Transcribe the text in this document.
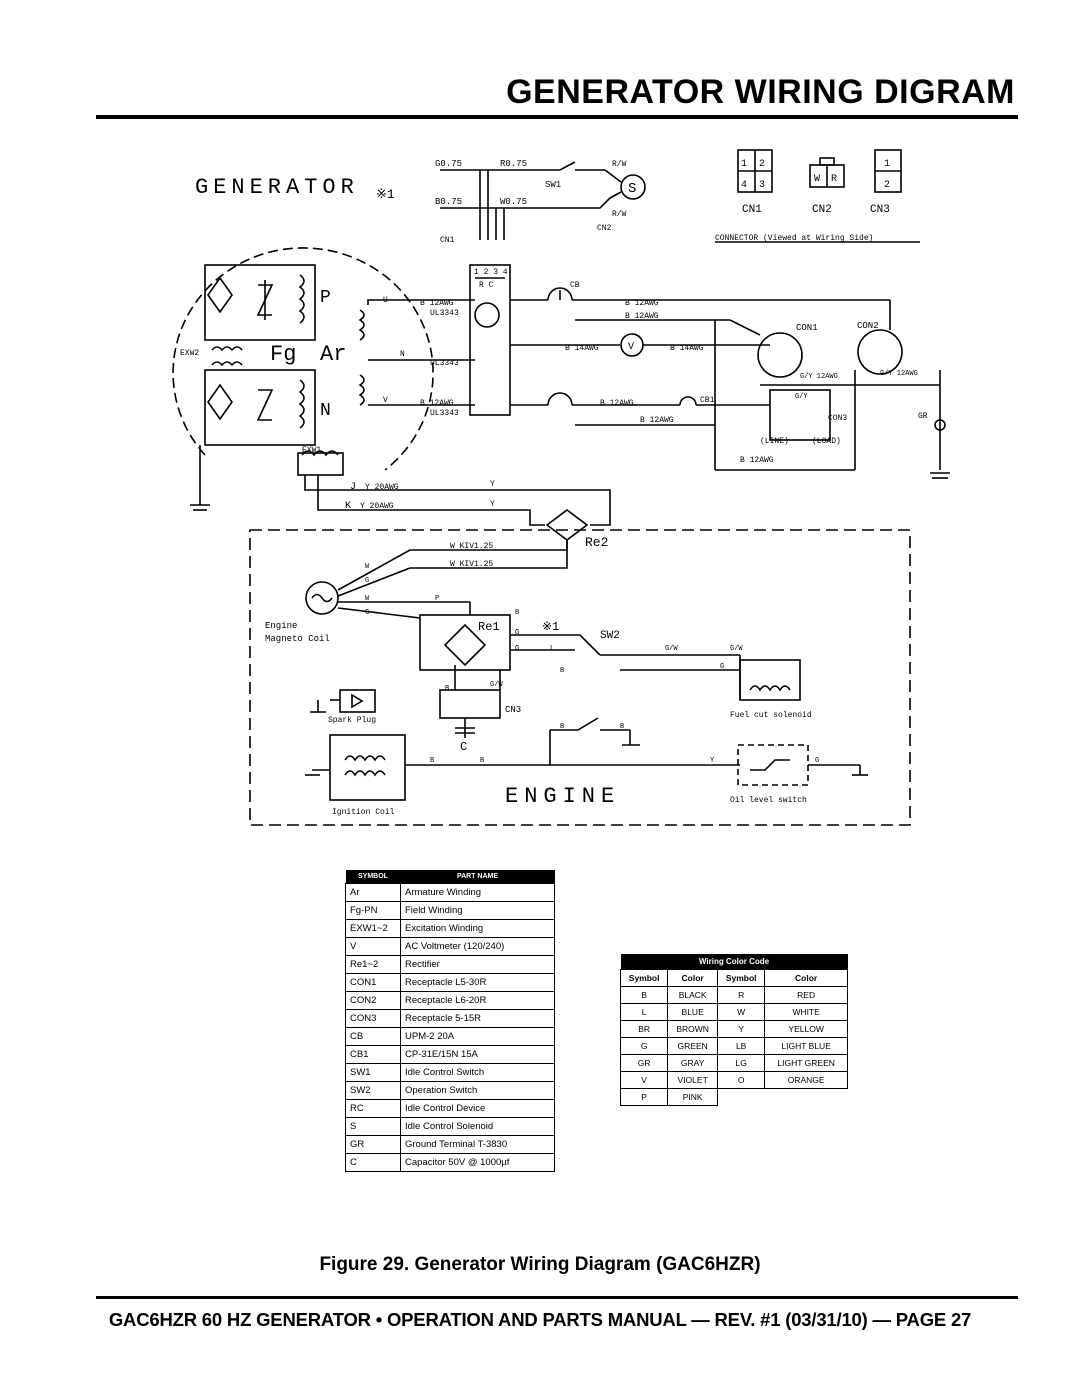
GENERATOR WIRING DIGRAM
GENERATOR ※1
P
N
Fg Ar
EXW2
EXW1
G0.75	R0.75
B0.75	W0.75
SW1
R/W
R/W
CN1
CN2
S
1 2 3 4
R C	CB
CB1
U
V
N
B 12AWG
UL3343
UL3343
B 12AWG
UL3343
B 12AWG
B 12AWG
B 14AWG	B 14AWG
B 12AWG
B 12AWG
B 12AWG
V
CON1	CON2
CON3
(LINE)	(LOAD)
GR
G/Y 12AWG	G/Y 12AWG
G/Y
J
K
Y 20AWG
Y 20AWG
Y
Y
Re2
W KIV1.25
W KIV1.25
Re1	※1
SW2
Engine
Magneto Coil
W
G
W
G
P
B
G
G	L
B
G/W	G/W
G
G/W
B
CN3
C
Spark Plug
Ignition Coil
Fuel cut solenoid
Oil level switch
B	B
B	B
Y	G
ENGINE
1 2
4 3
W R
1
2
CN1	CN2	CN3
CONNECTOR (Viewed at Wiring Side)
SYMBOL	PART NAME
Ar	Armature Winding
Fg-PN	Field Winding
EXW1~2	Excitation Winding
V	AC Voltmeter (120/240)
Re1~2	Rectifier
CON1	Receptacle L5-30R
CON2	Receptacle L6-20R
CON3	Receptacle 5-15R
CB	UPM-2 20A
CB1	CP-31E/15N 15A
SW1	Idle Control Switch
SW2	Operation Switch
RC	Idle Control Device
S	Idle Control Solenoid
GR	Ground Terminal T-3830
C	Capacitor 50V @ 1000µf
Wiring Color Code			
Symbol	Color	Symbol	Color
B	BLACK	R	RED
L	BLUE	W	WHITE
BR	BROWN	Y	YELLOW
G	GREEN	LB	LIGHT BLUE
GR	GRAY	LG	LIGHT GREEN
V	VIOLET	O	ORANGE
P	PINK		
Figure 29. Generator Wiring Diagram (GAC6HZR)
GAC6HZR 60 HZ GENERATOR • OPERATION AND PARTS MANUAL — REV. #1 (03/31/10) — PAGE 27
